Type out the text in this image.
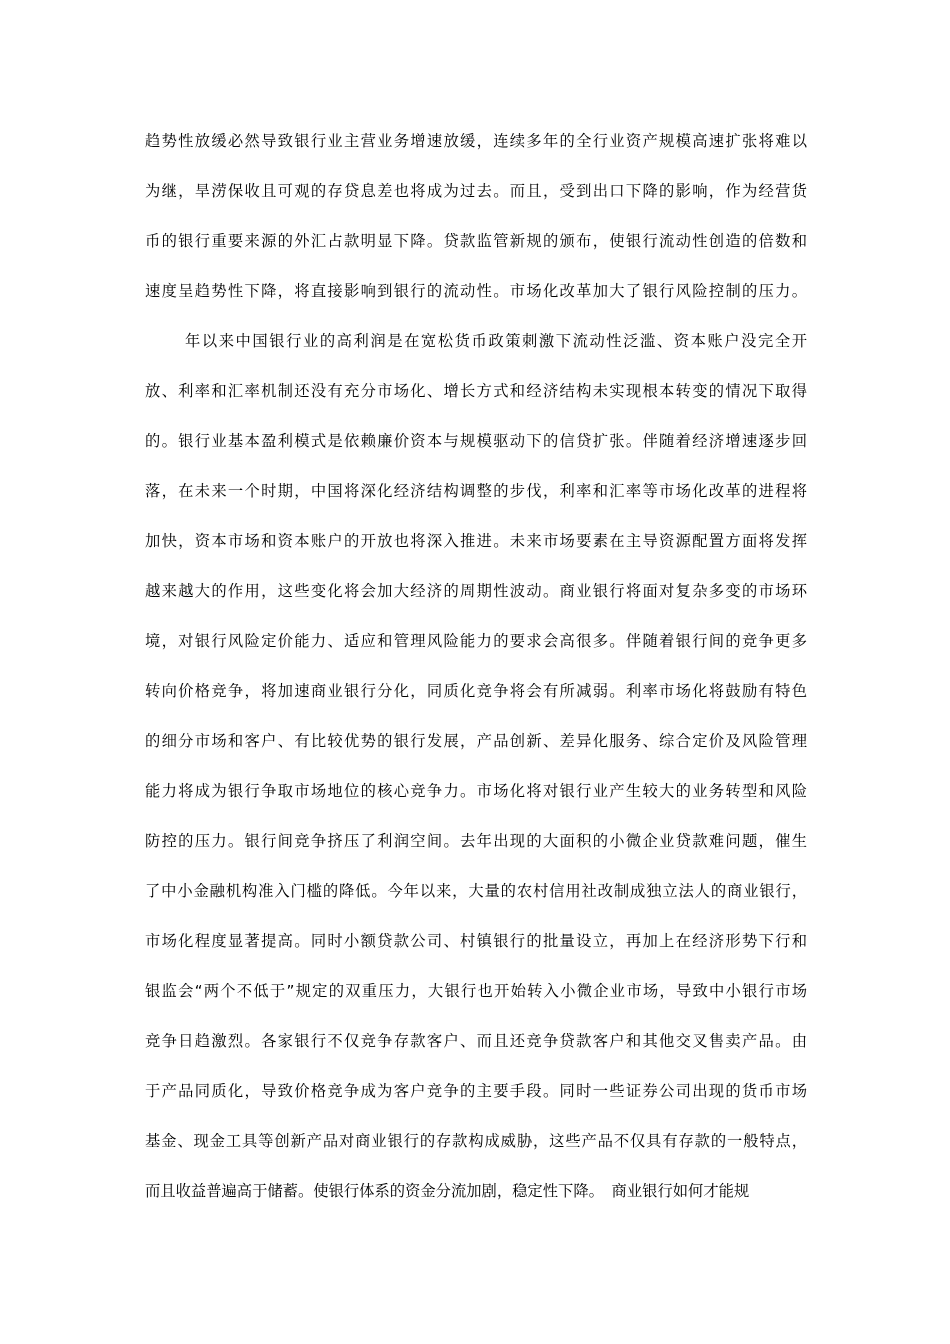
趋势性放缓必然导致银行业主营业务增速放缓，连续多年的全行业资产规模高速扩张将难以
为继，旱涝保收且可观的存贷息差也将成为过去。而且，受到出口下降的影响，作为经营货
币的银行重要来源的外汇占款明显下降。贷款监管新规的颁布，使银行流动性创造的倍数和
速度呈趋势性下降，将直接影响到银行的流动性。市场化改革加大了银行风险控制的压力。
年以来中国银行业的高利润是在宽松货币政策刺激下流动性泛滥、资本账户没完全开
放、利率和汇率机制还没有充分市场化、增长方式和经济结构未实现根本转变的情况下取得
的。银行业基本盈利模式是依赖廉价资本与规模驱动下的信贷扩张。伴随着经济增速逐步回
落，在未来一个时期，中国将深化经济结构调整的步伐，利率和汇率等市场化改革的进程将
加快，资本市场和资本账户的开放也将深入推进。未来市场要素在主导资源配置方面将发挥
越来越大的作用，这些变化将会加大经济的周期性波动。商业银行将面对复杂多变的市场环
境，对银行风险定价能力、适应和管理风险能力的要求会高很多。伴随着银行间的竞争更多
转向价格竞争，将加速商业银行分化，同质化竞争将会有所减弱。利率市场化将鼓励有特色
的细分市场和客户、有比较优势的银行发展，产品创新、差异化服务、综合定价及风险管理
能力将成为银行争取市场地位的核心竞争力。市场化将对银行业产生较大的业务转型和风险
防控的压力。银行间竞争挤压了利润空间。去年出现的大面积的小微企业贷款难问题，催生
了中小金融机构准入门槛的降低。今年以来，大量的农村信用社改制成独立法人的商业银行，
市场化程度显著提高。同时小额贷款公司、村镇银行的批量设立，再加上在经济形势下行和
银监会“两个不低于”规定的双重压力，大银行也开始转入小微企业市场，导致中小银行市场
竞争日趋激烈。各家银行不仅竞争存款客户、而且还竞争贷款客户和其他交叉售卖产品。由
于产品同质化，导致价格竞争成为客户竞争的主要手段。同时一些证券公司出现的货币市场
基金、现金工具等创新产品对商业银行的存款构成威胁，这些产品不仅具有存款的一般特点，
而且收益普遍高于储蓄。使银行体系的资金分流加剧，稳定性下降。　商业银行如何才能规
